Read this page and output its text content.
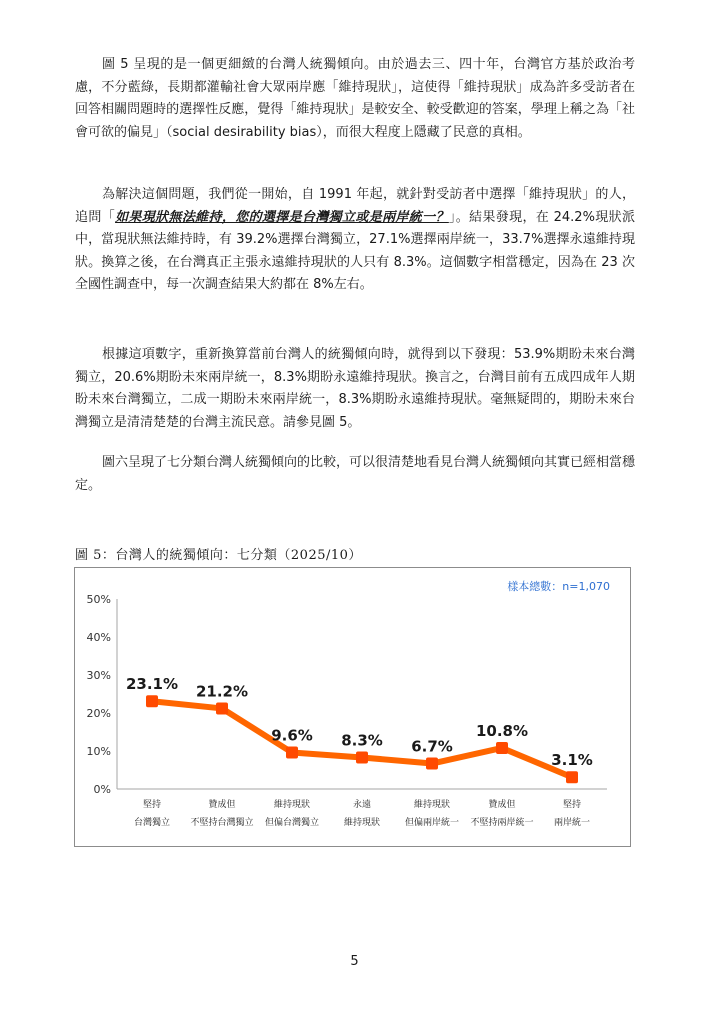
圖 5 呈現的是一個更細緻的台灣人統獨傾向。由於過去三、四十年，台灣官方基於政治考慮，不分藍綠，長期都灌輸社會大眾兩岸應「維持現狀」，這使得「維持現狀」成為許多受訪者在回答相關問題時的選擇性反應，覺得「維持現狀」是較安全、較受歡迎的答案，學理上稱之為「社會可欲的偏見」（social desirability bias），而很大程度上隱藏了民意的真相。

為解決這個問題，我們從一開始，自 1991 年起，就針對受訪者中選擇「維持現狀」的人，追問「如果現狀無法維持，您的選擇是台灣獨立或是兩岸統一？」。結果發現，在 24.2%現狀派中，當現狀無法維持時，有 39.2%選擇台灣獨立，27.1%選擇兩岸統一，33.7%選擇永遠維持現狀。換算之後，在台灣真正主張永遠維持現狀的人只有 8.3%。這個數字相當穩定，因為在 23 次全國性調查中，每一次調查結果大約都在 8%左右。

根據這項數字，重新換算當前台灣人的統獨傾向時，就得到以下發現：53.9%期盼未來台灣獨立，20.6%期盼未來兩岸統一，8.3%期盼永遠維持現狀。換言之，台灣目前有五成四成年人期盼未來台灣獨立，二成一期盼未來兩岸統一，8.3%期盼永遠維持現狀。毫無疑問的，期盼未來台灣獨立是清清楚楚的台灣主流民意。請參見圖 5。

圖六呈現了七分類台灣人統獨傾向的比較，可以很清楚地看見台灣人統獨傾向其實已經相當穩定。

圖 5：台灣人的統獨傾向：七分類（2025/10）
樣本總數：n=1,070
0%
10%
20%
30%
40%
50%
堅持
台灣獨立
贊成但
不堅持台灣獨立
維持現狀
但偏台灣獨立
永遠
維持現狀
維持現狀
但偏兩岸統一
贊成但
不堅持兩岸統一
堅持
兩岸統一
23.1% 21.2%
9.6% 8.3% 6.7%
10.8%
3.1%
5
